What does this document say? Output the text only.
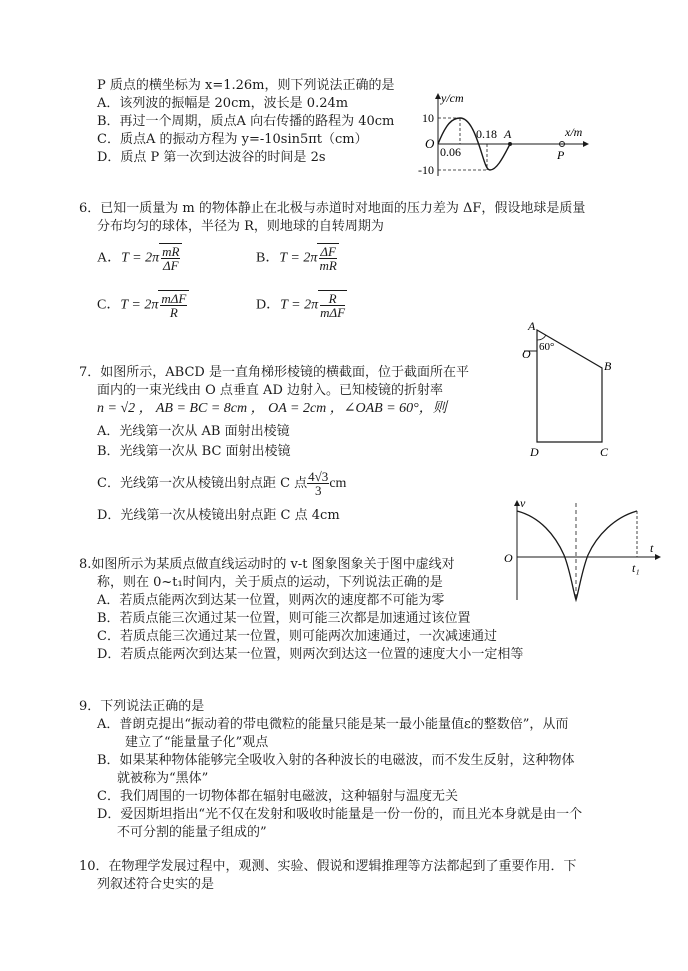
P 质点的横坐标为 x=1.26m，则下列说法正确的是
A．该列波的振幅是 20cm，波长是 0.24m
B．再过一个周期，质点A 向右传播的路程为 40cm
C．质点A 的振动方程为 y=-10sin5πt（cm）
D．质点 P 第一次到达波谷的时间是 2s
y/cm
x/m
O
10
-10
0.06
0.18 A
P
6．已知一质量为 m 的物体静止在北极与赤道时对地面的压力差为 ΔF，假设地球是质量
分布均匀的球体，半径为 R，则地球的自转周期为
A．$T = 2\pi \frac{mR}{\Delta F}$	B．$T = 2\pi \frac{\Delta F}{mR}$
C．$T = 2\pi \frac{\text{mΔF}}{R}$	D．$T = 2\pi \frac{R}{\text{mΔF}}$
7．如图所示，ABCD 是一直角梯形棱镜的横截面，位于截面所在平
面内的一束光线由 O 点垂直 AD 边射入。已知棱镜的折射率
n = √2 ， AB = BC = 8cm ， OA = 2cm ，∠OAB = 60°，则
A．光线第一次从 AB 面射出棱镜
B．光线第一次从 BC 面射出棱镜
C．光线第一次从棱镜出射点距 C 点 $\frac{4√3}{3}$ cm
D．光线第一次从棱镜出射点距 C 点 4cm
A
B
C
D
O 60°
8.如图所示为某质点做直线运动时的 v-t 图象图象关于图中虚线对
称，则在 0~t₁时间内，关于质点的运动，下列说法正确的是
A．若质点能两次到达某一位置，则两次的速度都不可能为零
B．若质点能三次通过某一位置，则可能三次都是加速通过该位置
C．若质点能三次通过某一位置，则可能两次加速通过，一次减速通过
D．若质点能两次到达某一位置，则两次到达这一位置的速度大小一定相等
v
t
O
t₁
9．下列说法正确的是
A．普朗克提出“振动着的带电微粒的能量只能是某一最小能量值ε的整数倍”，从而
建立了“能量量子化”观点
B．如果某种物体能够完全吸收入射的各种波长的电磁波，而不发生反射，这种物体
就被称为“黑体”
C．我们周围的一切物体都在辐射电磁波，这种辐射与温度无关
D．爱因斯坦指出“光不仅在发射和吸收时能量是一份一份的，而且光本身就是由一个
不可分割的能量子组成的”
10．在物理学发展过程中，观测、实验、假说和逻辑推理等方法都起到了重要作用．下
列叙述符合史实的是
